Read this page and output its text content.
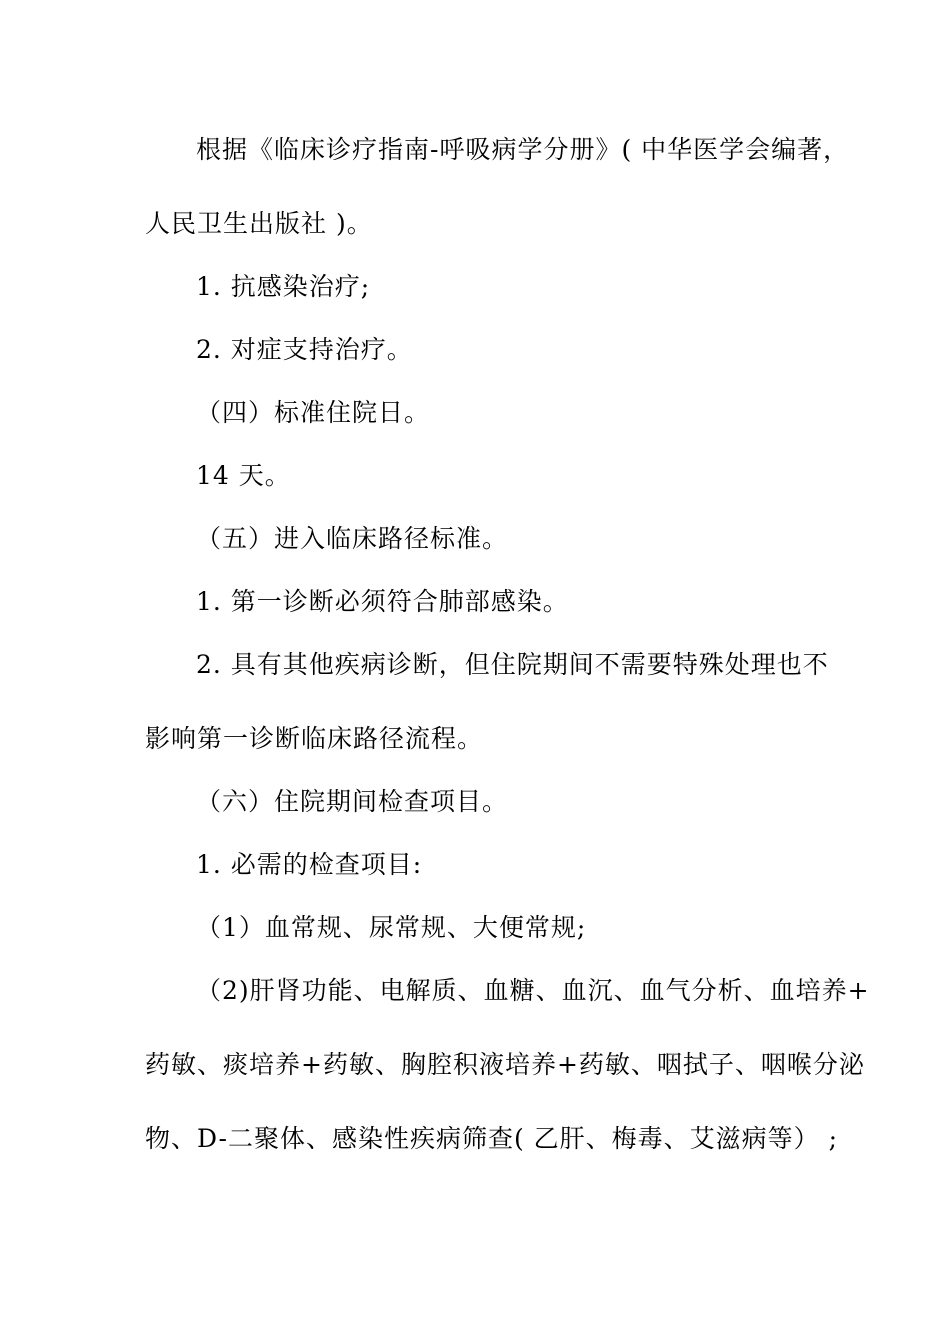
根据《临床诊疗指南-呼吸病学分册》( 中华医学会编著，
人民卫生出版社 )。
1. 抗感染治疗;
2. 对症支持治疗。
（四）标准住院日。
14 天。
（五）进入临床路径标准。
1. 第一诊断必须符合肺部感染。
2. 具有其他疾病诊断，但住院期间不需要特殊处理也不
影响第一诊断临床路径流程。
（六）住院期间检查项目。
1. 必需的检查项目:
（1）血常规、尿常规、大便常规;
（2)肝肾功能、电解质、血糖、血沉、血气分析、血培养+
药敏、痰培养+药敏、胸腔积液培养+药敏、咽拭子、咽喉分泌
物、D-二聚体、感染性疾病筛查( 乙肝、梅毒、艾滋病等） ;
